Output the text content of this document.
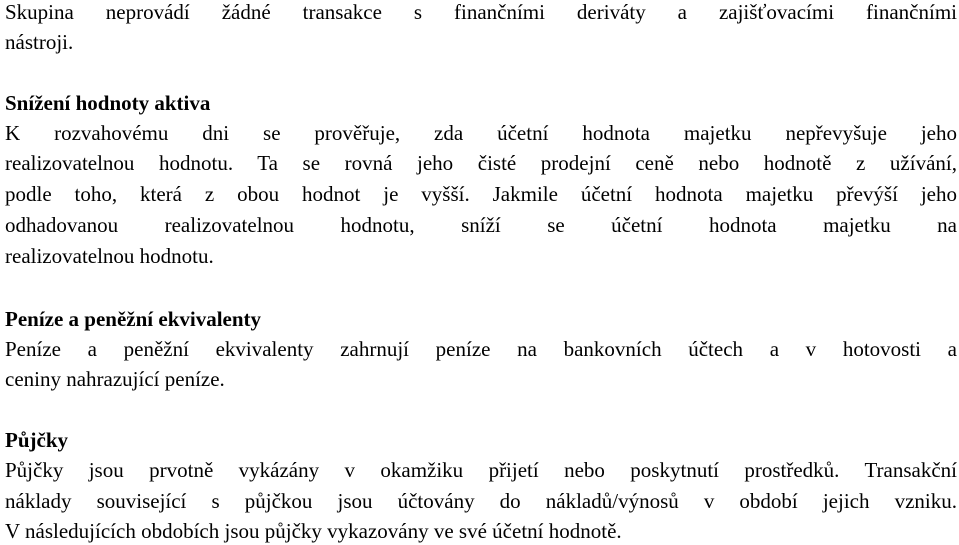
Skupina neprovádí žádné transakce s finančními deriváty a zajišťovacími finančními
nástroji.
Snížení hodnoty aktiva
K rozvahovému dni se prověřuje, zda účetní hodnota majetku nepřevyšuje jeho
realizovatelnou hodnotu. Ta se rovná jeho čisté prodejní ceně nebo hodnotě z užívání,
podle toho, která z obou hodnot je vyšší. Jakmile účetní hodnota majetku převýší jeho
odhadovanou realizovatelnou hodnotu, sníží se účetní hodnota majetku na
realizovatelnou hodnotu.
Peníze a peněžní ekvivalenty
Peníze a peněžní ekvivalenty zahrnují peníze na bankovních účtech a v hotovosti a
ceniny nahrazující peníze.
Půjčky
Půjčky jsou prvotně vykázány v okamžiku přijetí nebo poskytnutí prostředků. Transakční
náklady související s půjčkou jsou účtovány do nákladů/výnosů v období jejich vzniku.
V následujících obdobích jsou půjčky vykazovány ve své účetní hodnotě.
